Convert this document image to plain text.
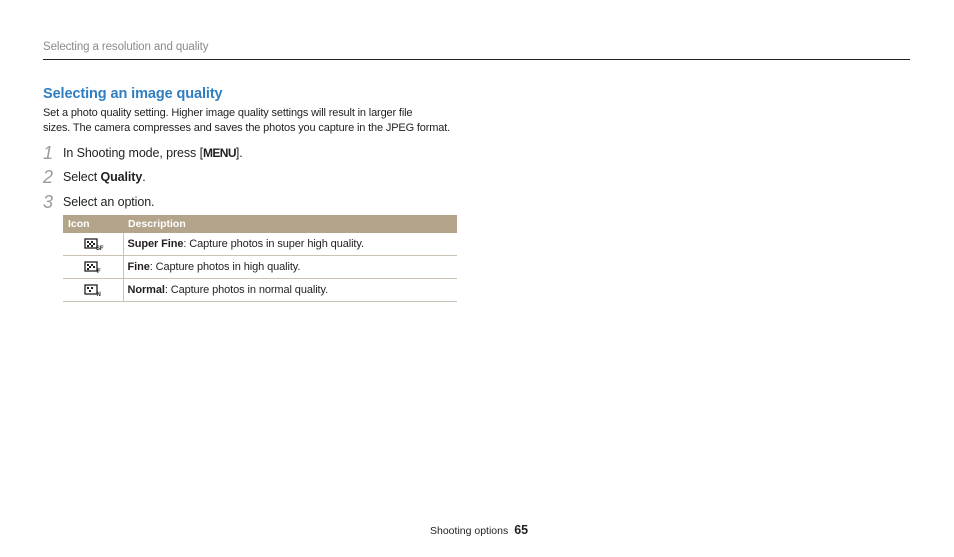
Selecting a resolution and quality
Selecting an image quality
Set a photo quality setting. Higher image quality settings will result in larger file
sizes. The camera compresses and saves the photos you capture in the JPEG format.
1 In Shooting mode, press [MENU].
2 Select Quality.
3 Select an option.
Icon	Description

SF	Super Fine: Capture photos in super high quality.

F	Fine: Capture photos in high quality.

N	Normal: Capture photos in normal quality.
Shooting options 65
